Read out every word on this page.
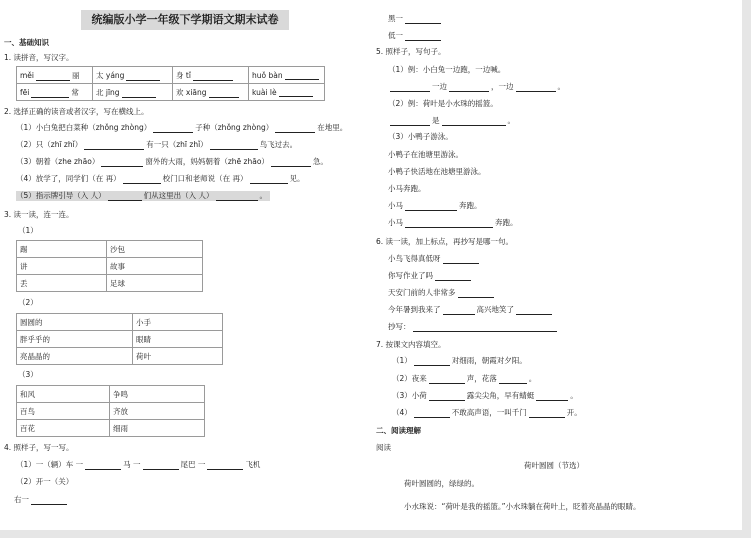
统编版小学一年级下学期语文期末试卷
一、基础知识
1. 读拼音，写汉字。
měi 丽	太 yáng	身 tǐ	huǒ bàn
fēi 常	北 jīng	欢 xiāng	kuài lè
2. 选择正确的读音或者汉字，写在横线上。
（1）小白兔把白菜种（zhǒng zhòng）	子种（zhǒng zhòng）	在地里。
（2）只（zhī zhǐ）	有一只（zhī zhǐ）	鸟飞过去。
（3）朝着（zhe zhāo）	窗外的大雨，妈妈朝着（zhē zhāo）	急。
（4）放学了，同学们（在 再）	校门口和老师说（在 再）	见。
（5）指示牌引导（入 人）	们从这里出（入 人）	。
3. 读一读，连一连。
（1）
踢	沙包
讲	故事
丢	足球
（2）
圆圆的	小手
胖乎乎的	眼睛
亮晶晶的	荷叶
（3）
和风	争鸣
百鸟	齐放
百花	细雨
4. 照样子，写一写。
（1）一（辆）车 一	马 一	尾巴 一	飞机
（2）开一（关）
右一
黑一
低一
5. 照样子，写句子。
（1）例：小白兔一边跑，一边喊。
一边	，一边	。
（2）例：荷叶是小水珠的摇篮。
是	。
（3）小鸭子游泳。
小鸭子在池塘里游泳。
小鸭子快活地在池塘里游泳。
小马奔跑。
小马	奔跑。
小马	奔跑。
6. 读一读，加上标点，再抄写是哪一句。
小鸟飞得真低呀
你写作业了吗
天安门前的人非常多
今年暑到我来了	高兴地笑了
抄写：
7. 按课文内容填空。
（1）	对细雨，朝霞对夕阳。
（2）夜来	声，花落	。
（3）小荷	露尖尖角，早有蜻蜓	。
（4）	不敢高声语，一叫千门	开。
二、阅读理解
阅读
荷叶圆圆（节选）
荷叶圆圆的，绿绿的。
小水珠说：“荷叶是我的摇篮。”小水珠躺在荷叶上，眨着亮晶晶的眼睛。
